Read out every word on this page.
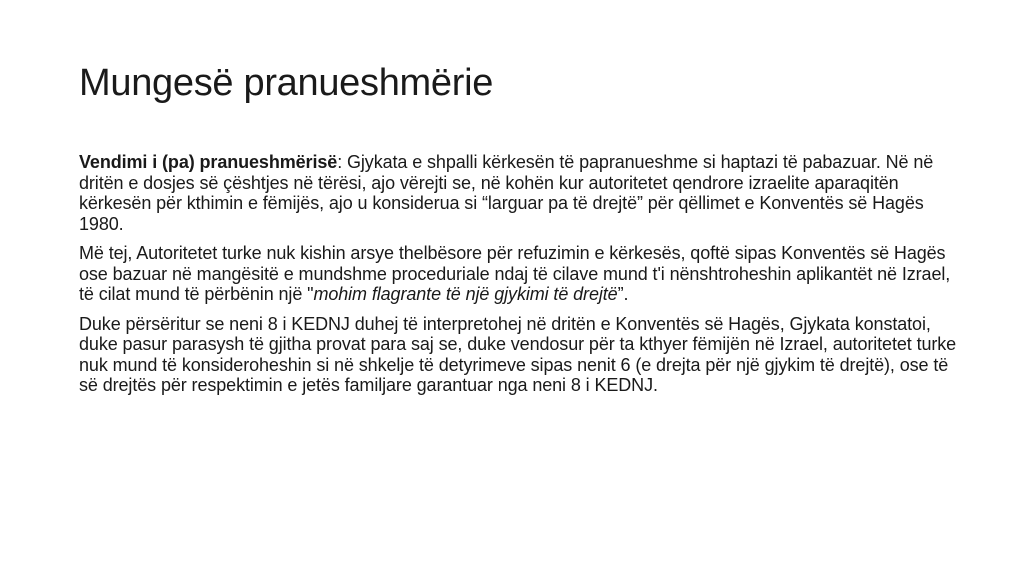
Mungesë pranueshmërie

Vendimi i (pa) pranueshmërisë: Gjykata e shpalli kërkesën të papranueshme si haptazi të pabazuar. Në në dritën e dosjes së çështjes në tërësi, ajo vërejti se, në kohën kur autoritetet qendrore izraelite aparaqitën kërkesën për kthimin e fëmijës, ajo u konsiderua si “larguar pa të drejtë” për qëllimet e Konventës së Hagës 1980.

Më tej, Autoritetet turke nuk kishin arsye thelbësore për refuzimin e kërkesës, qoftë sipas Konventës së Hagës ose bazuar në mangësitë e mundshme proceduriale ndaj të cilave mund t'i nënshtroheshin aplikantët në Izrael, të cilat mund të përbënin një "mohim flagrante të një gjykimi të drejtë”.

Duke përsëritur se neni 8 i KEDNJ duhej të interpretohej në dritën e Konventës së Hagës, Gjykata konstatoi, duke pasur parasysh të gjitha provat para saj se, duke vendosur për ta kthyer fëmijën në Izrael, autoritetet turke nuk mund të konsideroheshin si në shkelje të detyrimeve sipas nenit 6 (e drejta për një gjykim të drejtë), ose të së drejtës për respektimin e jetës familjare garantuar nga neni 8 i KEDNJ.
